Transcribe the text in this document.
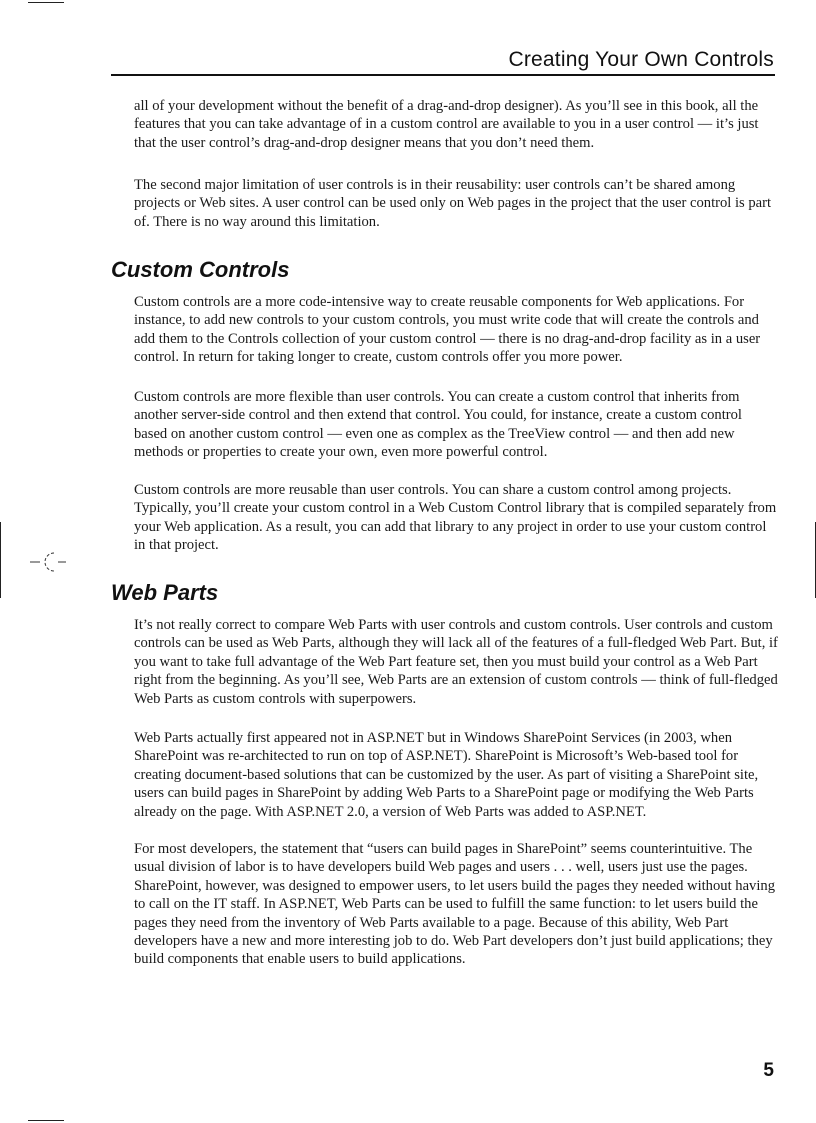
Creating Your Own Controls

all of your development without the benefit of a drag-and-drop designer). As you’ll see in this book, all the features that you can take advantage of in a custom control are available to you in a user control — it’s just that the user control’s drag-and-drop designer means that you don’t need them.

The second major limitation of user controls is in their reusability: user controls can’t be shared among projects or Web sites. A user control can be used only on Web pages in the project that the user control is part of. There is no way around this limitation.

Custom Controls

Custom controls are a more code-intensive way to create reusable components for Web applications. For instance, to add new controls to your custom controls, you must write code that will create the controls and add them to the Controls collection of your custom control — there is no drag-and-drop facility as in a user control. In return for taking longer to create, custom controls offer you more power.

Custom controls are more flexible than user controls. You can create a custom control that inherits from another server-side control and then extend that control. You could, for instance, create a custom control based on another custom control — even one as complex as the TreeView control — and then add new methods or properties to create your own, even more powerful control.

Custom controls are more reusable than user controls. You can share a custom control among projects. Typically, you’ll create your custom control in a Web Custom Control library that is compiled separately from your Web application. As a result, you can add that library to any project in order to use your custom control in that project.

Web Parts

It’s not really correct to compare Web Parts with user controls and custom controls. User controls and custom controls can be used as Web Parts, although they will lack all of the features of a full-fledged Web Part. But, if you want to take full advantage of the Web Part feature set, then you must build your control as a Web Part right from the beginning. As you’ll see, Web Parts are an extension of custom controls — think of full-fledged Web Parts as custom controls with superpowers.

Web Parts actually first appeared not in ASP.NET but in Windows SharePoint Services (in 2003, when SharePoint was re-architected to run on top of ASP.NET). SharePoint is Microsoft’s Web-based tool for creating document-based solutions that can be customized by the user. As part of visiting a SharePoint site, users can build pages in SharePoint by adding Web Parts to a SharePoint page or modifying the Web Parts already on the page. With ASP.NET 2.0, a version of Web Parts was added to ASP.NET.

For most developers, the statement that “users can build pages in SharePoint” seems counterintuitive. The usual division of labor is to have developers build Web pages and users . . . well, users just use the pages. SharePoint, however, was designed to empower users, to let users build the pages they needed without having to call on the IT staff. In ASP.NET, Web Parts can be used to fulfill the same function: to let users build the pages they need from the inventory of Web Parts available to a page. Because of this ability, Web Part developers have a new and more interesting job to do. Web Part developers don’t just build applications; they build components that enable users to build applications.

5
